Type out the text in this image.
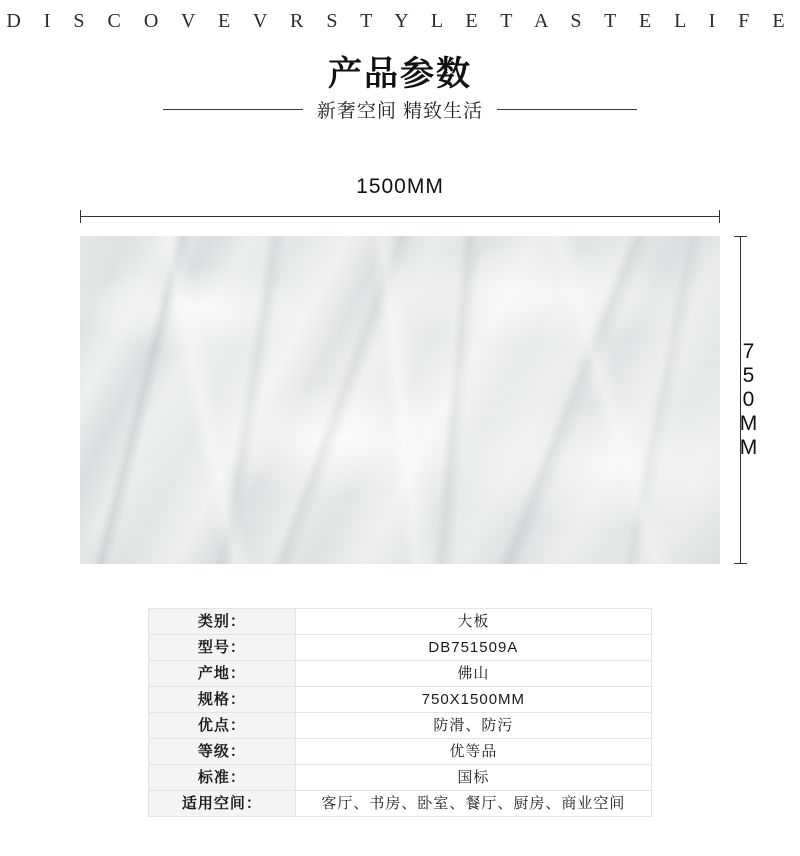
D I S C O V E V R S T Y L E T A S T E L I F E
产品参数
新奢空间 精致生活
1500MM
750MM
类别：	大板
型号：	DB751509A
产地：	佛山
规格：	750X1500MM
优点：	防滑、防污
等级：	优等品
标准：	国标
适用空间：	客厅、书房、卧室、餐厅、厨房、商业空间
